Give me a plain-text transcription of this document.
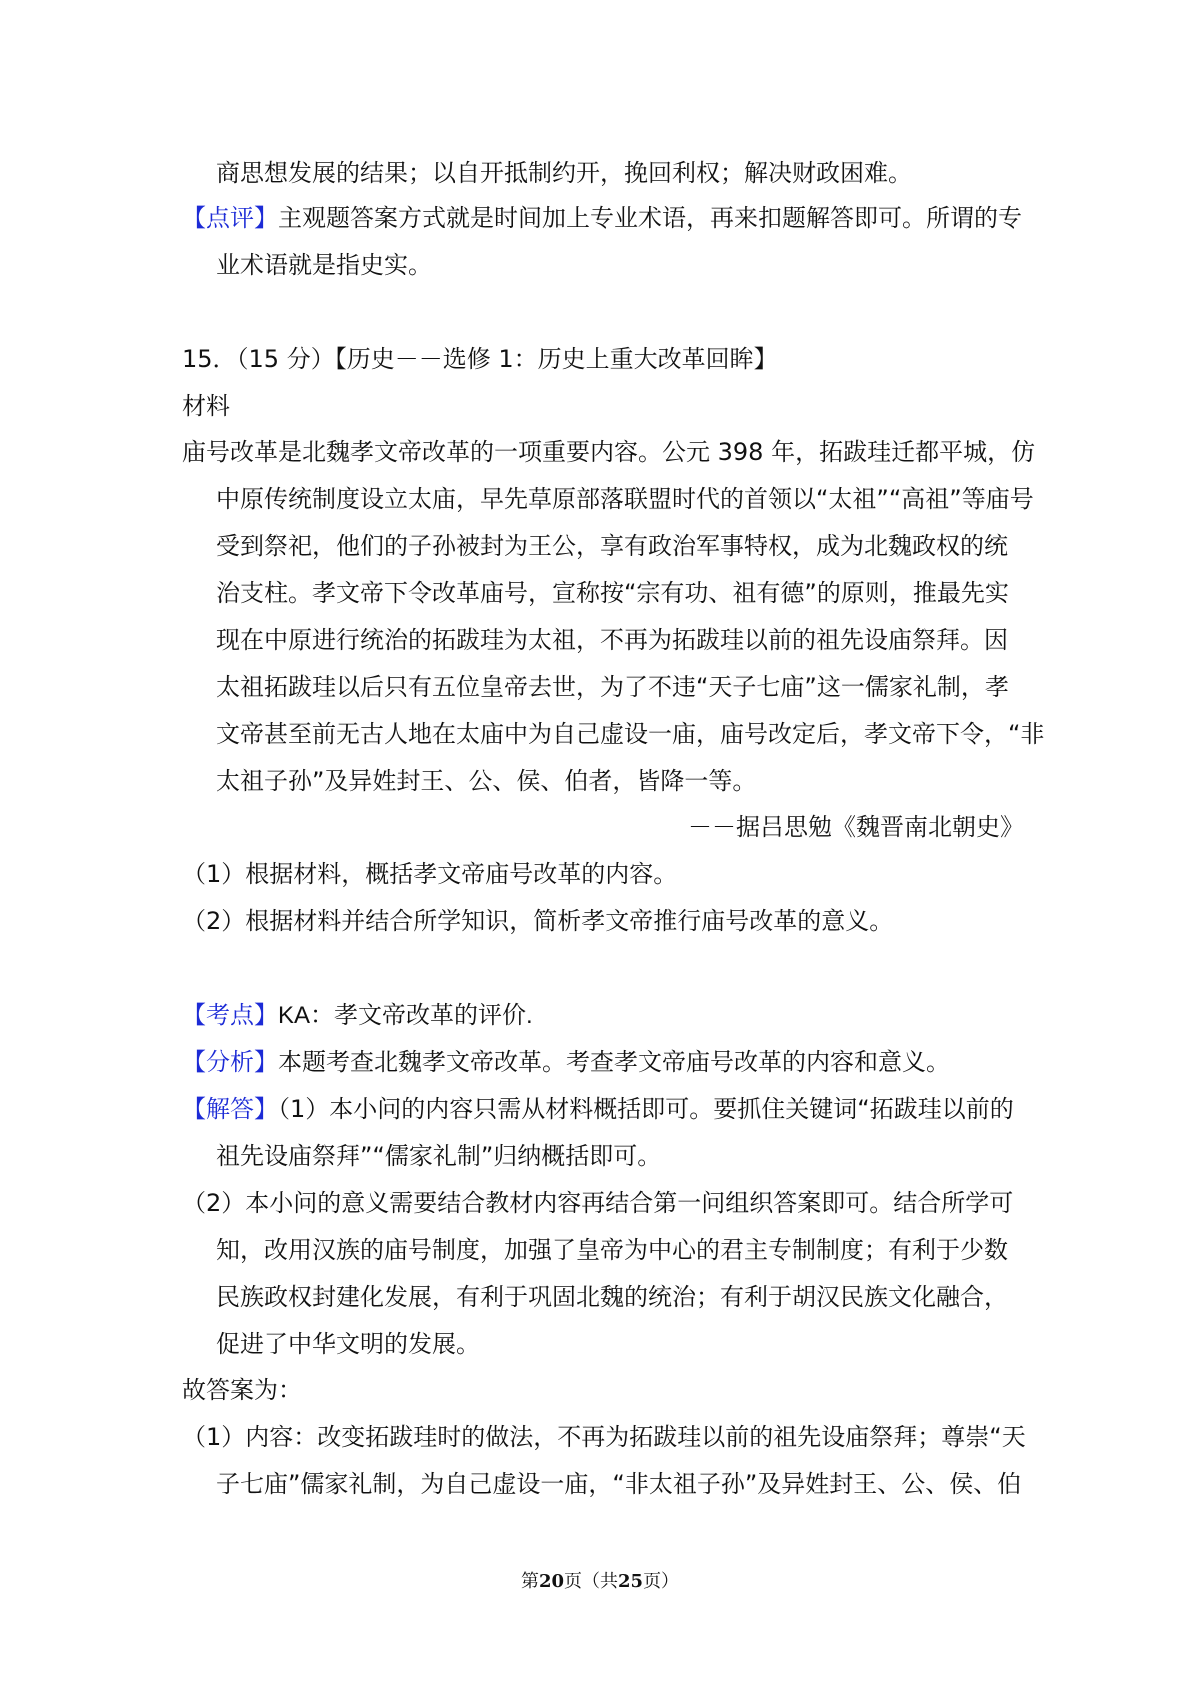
商思想发展的结果；以自开抵制约开，挽回利权；解决财政困难。
【点评】主观题答案方式就是时间加上专业术语，再来扣题解答即可。所谓的专
业术语就是指史实。
15．（15 分）【历史－－选修 1：历史上重大改革回眸】
材料
庙号改革是北魏孝文帝改革的一项重要内容。公元 398 年，拓跋珪迁都平城，仿
中原传统制度设立太庙，早先草原部落联盟时代的首领以“太祖”“高祖”等庙号
受到祭祀，他们的子孙被封为王公，享有政治军事特权，成为北魏政权的统
治支柱。孝文帝下令改革庙号，宣称按“宗有功、祖有德”的原则，推最先实
现在中原进行统治的拓跋珪为太祖，不再为拓跋珪以前的祖先设庙祭拜。因
太祖拓跋珪以后只有五位皇帝去世，为了不违“天子七庙”这一儒家礼制，孝
文帝甚至前无古人地在太庙中为自己虚设一庙，庙号改定后，孝文帝下令，“非
太祖子孙”及异姓封王、公、侯、伯者，皆降一等。
－－据吕思勉《魏晋南北朝史》
（1）根据材料，概括孝文帝庙号改革的内容。
（2）根据材料并结合所学知识，简析孝文帝推行庙号改革的意义。
【考点】KA：孝文帝改革的评价.
【分析】本题考查北魏孝文帝改革。考查孝文帝庙号改革的内容和意义。
【解答】（1）本小问的内容只需从材料概括即可。要抓住关键词“拓跋珪以前的
祖先设庙祭拜”“儒家礼制”归纳概括即可。
（2）本小问的意义需要结合教材内容再结合第一问组织答案即可。结合所学可
知，改用汉族的庙号制度，加强了皇帝为中心的君主专制制度；有利于少数
民族政权封建化发展，有利于巩固北魏的统治；有利于胡汉民族文化融合，
促进了中华文明的发展。
故答案为：
（1）内容：改变拓跋珪时的做法，不再为拓跋珪以前的祖先设庙祭拜；尊崇“天
子七庙”儒家礼制，为自己虚设一庙，“非太祖子孙”及异姓封王、公、侯、伯
第20页（共25页）
